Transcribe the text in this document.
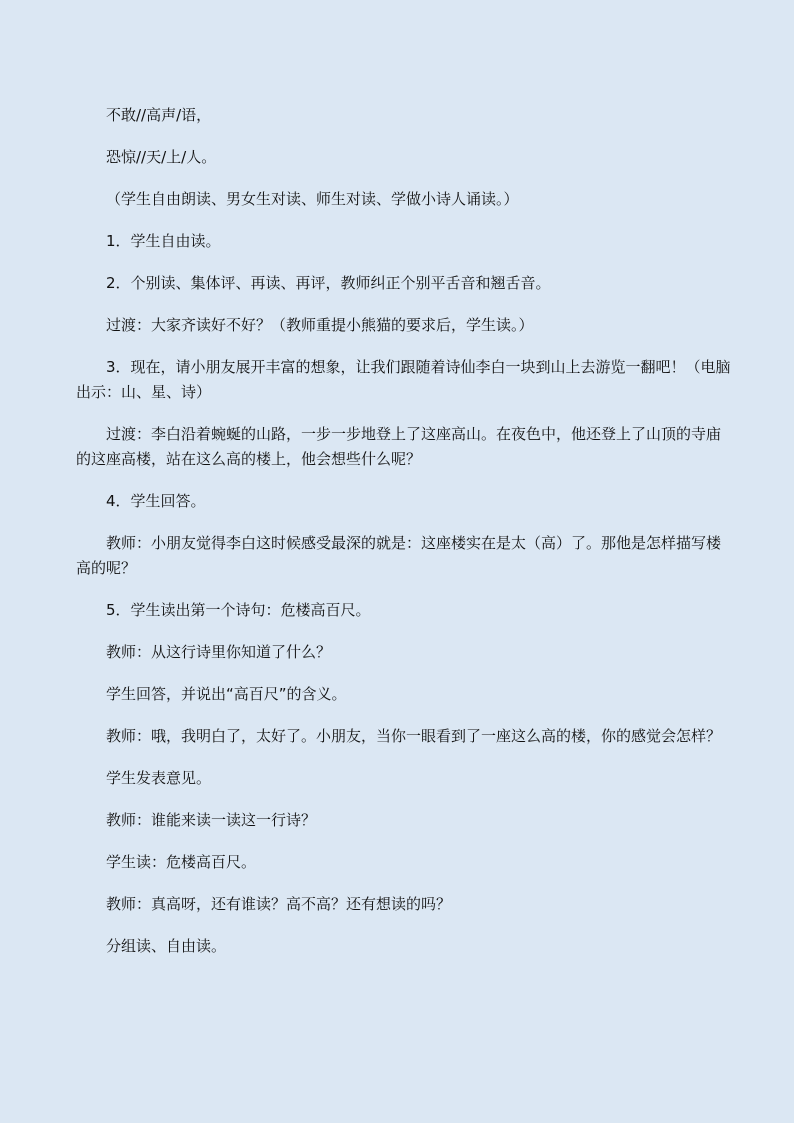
不敢//高声/语，

恐惊//天/上/人。

（学生自由朗读、男女生对读、师生对读、学做小诗人诵读。）

1．学生自由读。

2．个别读、集体评、再读、再评，教师纠正个别平舌音和翘舌音。

过渡：大家齐读好不好？（教师重提小熊猫的要求后，学生读。）

3．现在，请小朋友展开丰富的想象，让我们跟随着诗仙李白一块到山上去游览一翻吧！（电脑出示：山、星、诗）

过渡：李白沿着蜿蜒的山路，一步一步地登上了这座高山。在夜色中，他还登上了山顶的寺庙的这座高楼，站在这么高的楼上，他会想些什么呢？

4．学生回答。

教师：小朋友觉得李白这时候感受最深的就是：这座楼实在是太（高）了。那他是怎样描写楼高的呢？

5．学生读出第一个诗句：危楼高百尺。

教师：从这行诗里你知道了什么？

学生回答，并说出“高百尺”的含义。

教师：哦，我明白了，太好了。小朋友，当你一眼看到了一座这么高的楼，你的感觉会怎样？

学生发表意见。

教师：谁能来读一读这一行诗？

学生读：危楼高百尺。

教师：真高呀，还有谁读？高不高？还有想读的吗？

分组读、自由读。
